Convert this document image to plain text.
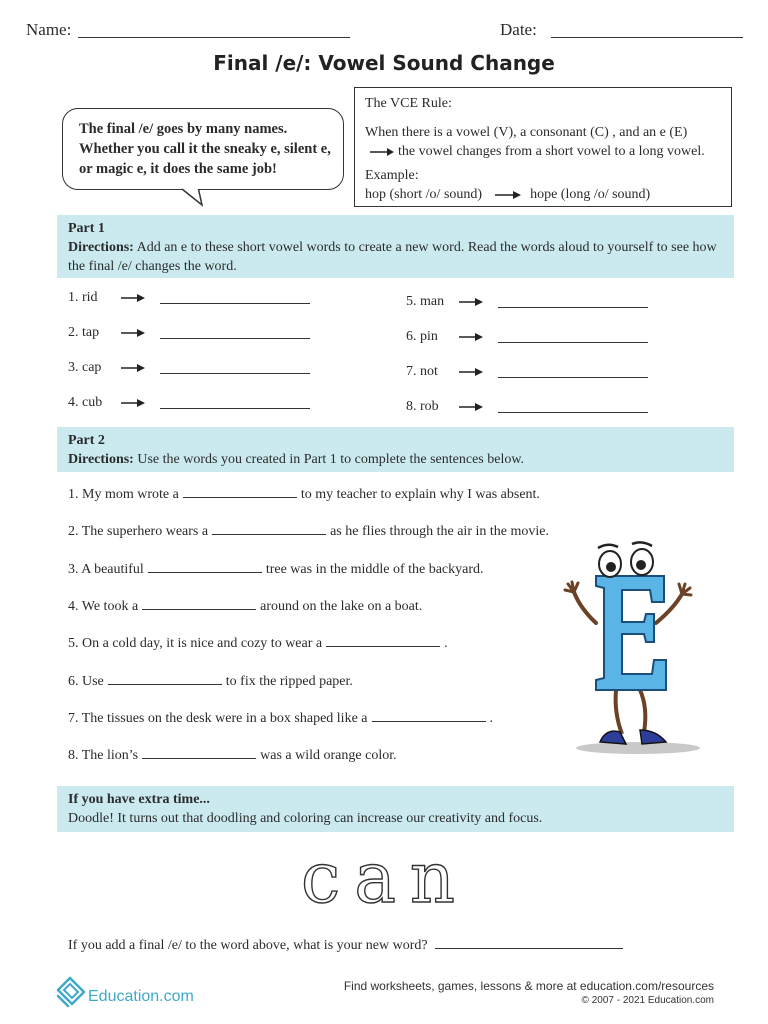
Name:	Date:
Final /e/: Vowel Sound Change
The final /e/ goes by many names. Whether you call it the sneaky e, silent e, or magic e, it does the same job!
The VCE Rule:
When there is a vowel (V), a consonant (C) , and an e (E)
the vowel changes from a short vowel to a long vowel.
Example:
hop (short /o/ sound)	hope (long /o/ sound)
Part 1
Directions: Add an e to these short vowel words to create a new word. Read the words aloud to yourself to see how the final /e/ changes the word.
1. rid
2. tap
3. cap
4. cub
5. man
6. pin
7. not
8. rob
Part 2
Directions: Use the words you created in Part 1 to complete the sentences below.
1. My mom wrote a	to my teacher to explain why I was absent.
2. The superhero wears a	as he flies through the air in the movie.
3. A beautiful	tree was in the middle of the backyard.
4. We took a	around on the lake on a boat.
5. On a cold day, it is nice and cozy to wear a	.
6. Use	to fix the ripped paper.
7. The tissues on the desk were in a box shaped like a	.
8. The lion’s	was a wild orange color.
If you have extra time...
Doodle! It turns out that doodling and coloring can increase our creativity and focus.
can
If you add a final /e/ to the word above, what is your new word?
Education.com
Find worksheets, games, lessons & more at education.com/resources
© 2007 - 2021 Education.com
